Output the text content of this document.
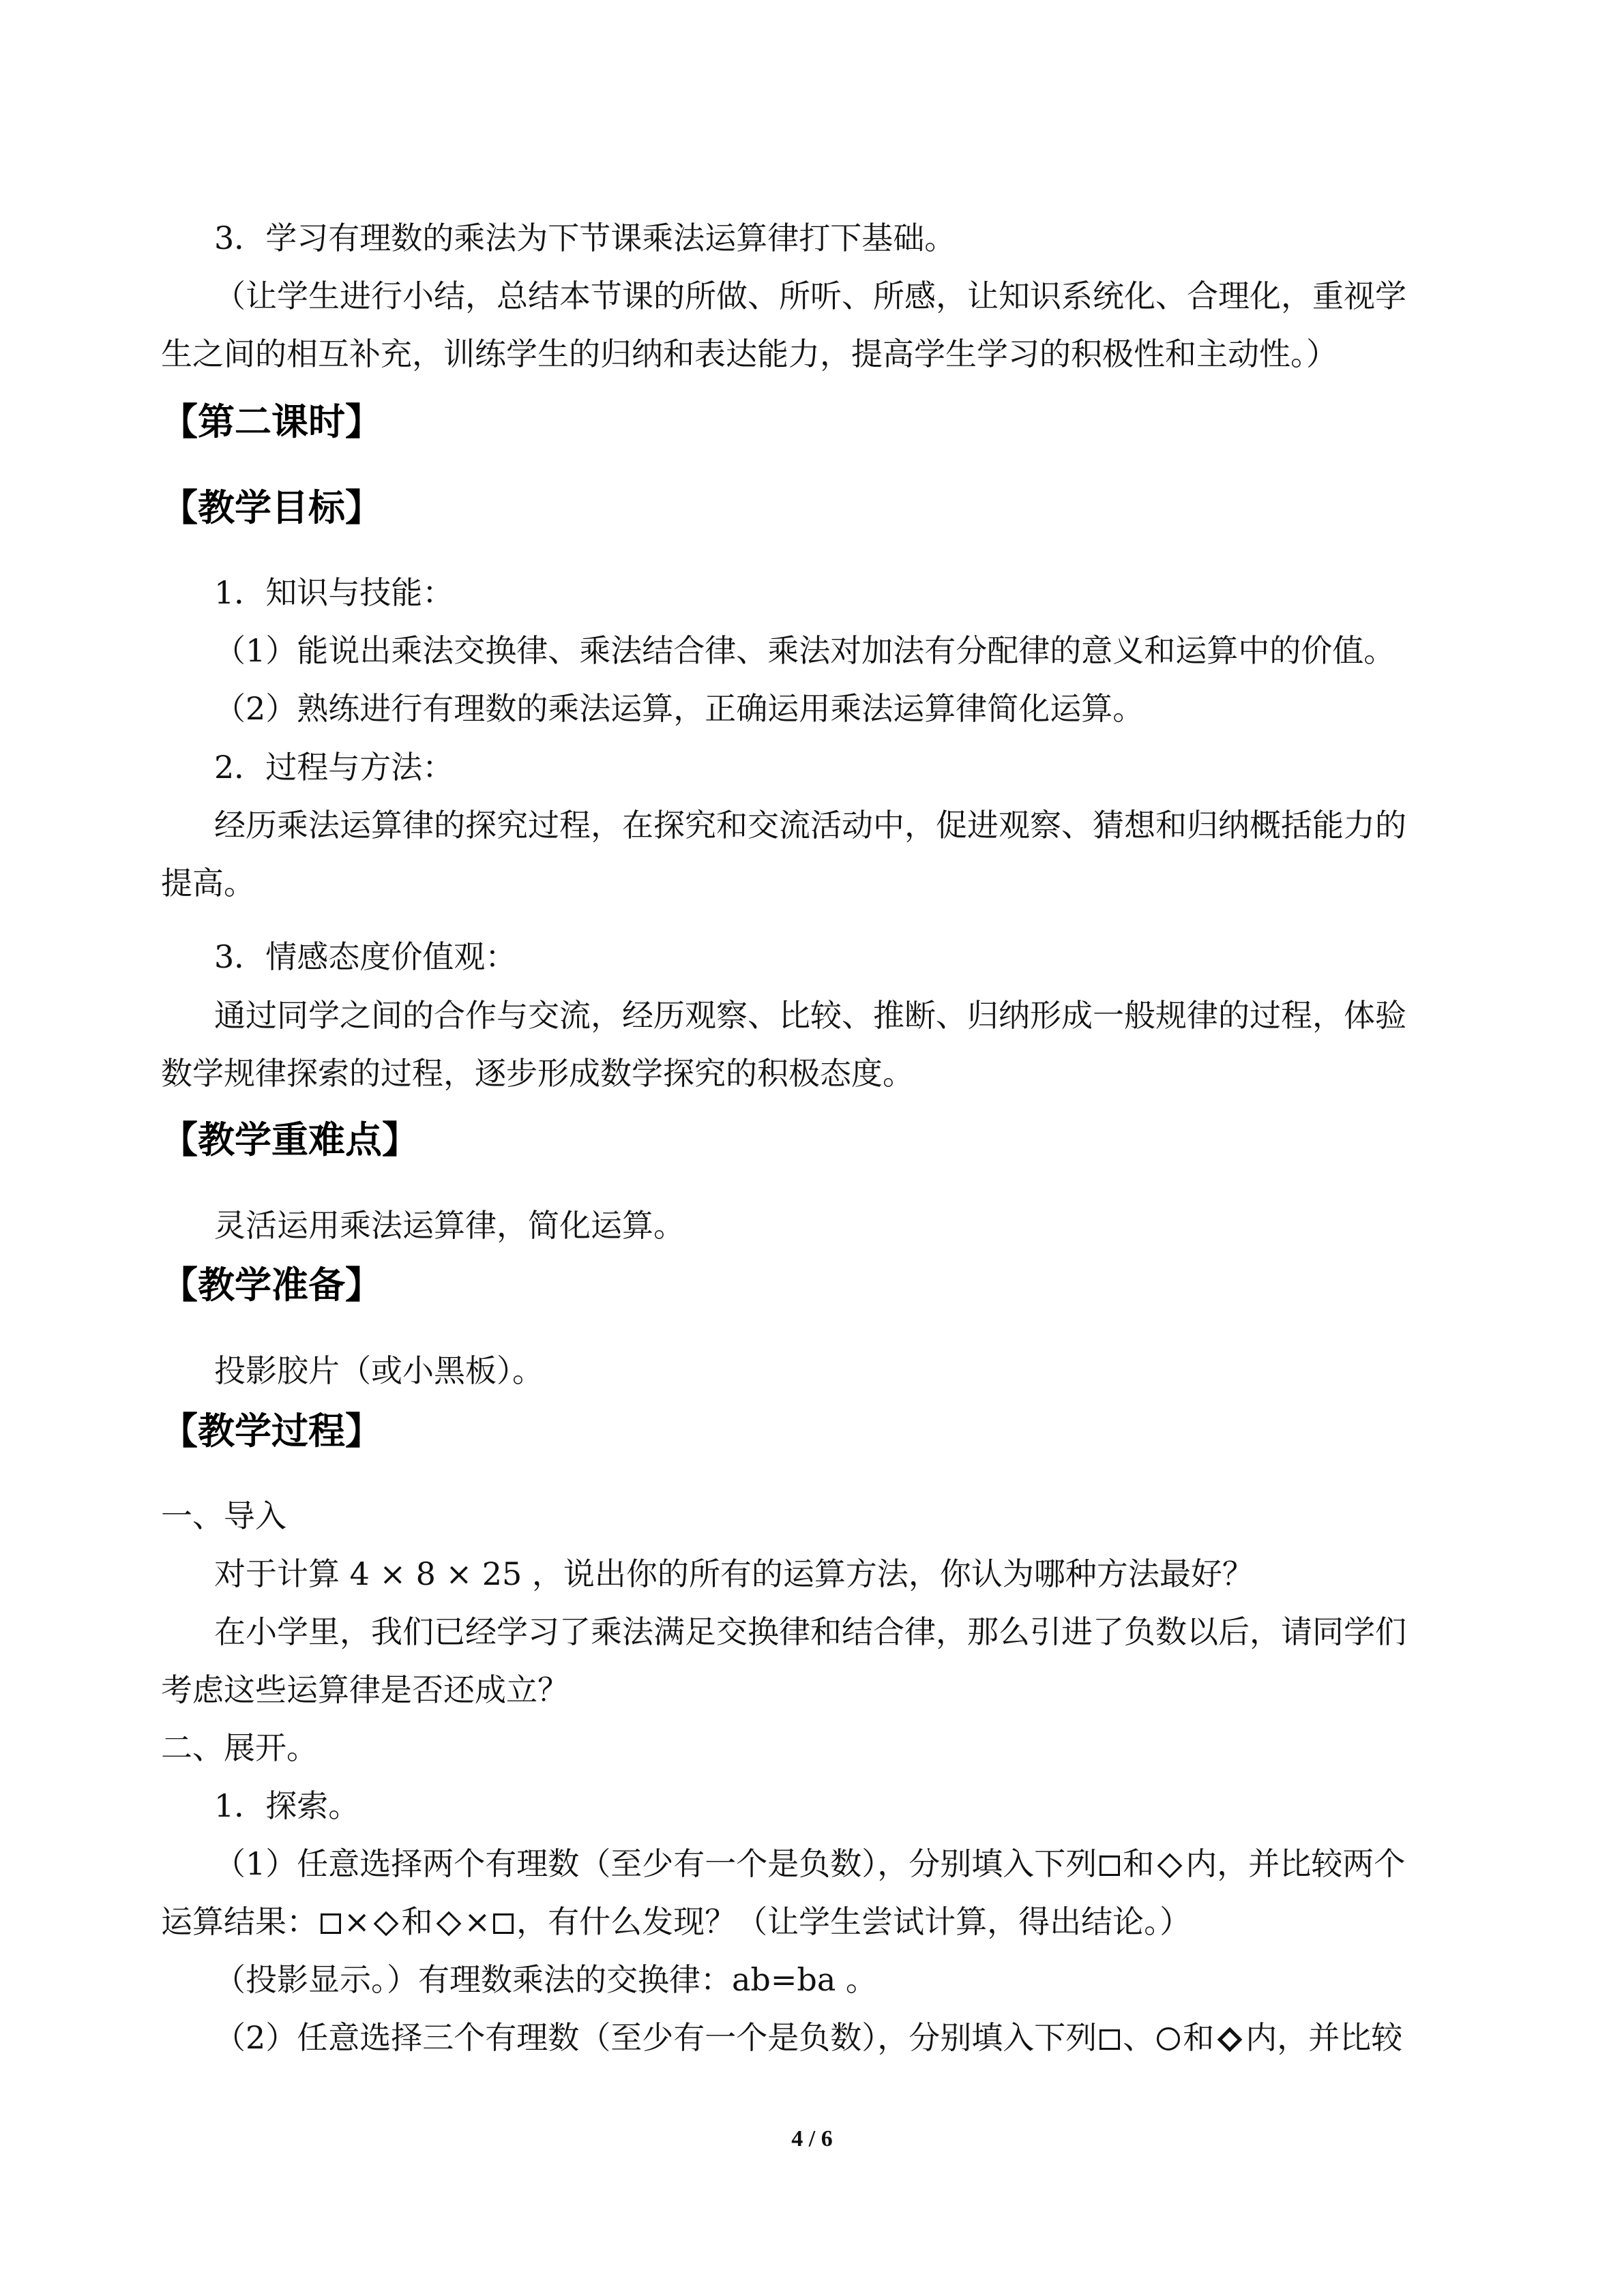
3．学习有理数的乘法为下节课乘法运算律打下基础。
（让学生进行小结，总结本节课的所做、所听、所感，让知识系统化、合理化，重视学
生之间的相互补充，训练学生的归纳和表达能力，提高学生学习的积极性和主动性。）
【第二课时】
【教学目标】
1．知识与技能：
（1）能说出乘法交换律、乘法结合律、乘法对加法有分配律的意义和运算中的价值。
（2）熟练进行有理数的乘法运算，正确运用乘法运算律简化运算。
2．过程与方法：
经历乘法运算律的探究过程，在探究和交流活动中，促进观察、猜想和归纳概括能力的
提高。
3．情感态度价值观：
通过同学之间的合作与交流，经历观察、比较、推断、归纳形成一般规律的过程，体验
数学规律探索的过程，逐步形成数学探究的积极态度。
【教学重难点】
灵活运用乘法运算律，简化运算。
【教学准备】
投影胶片（或小黑板）。
【教学过程】
一、导入
对于计算 4 × 8 × 25 ，说出你的所有的运算方法，你认为哪种方法最好？
在小学里，我们已经学习了乘法满足交换律和结合律，那么引进了负数以后，请同学们
考虑这些运算律是否还成立？
二、展开。
1．探索。
（1）任意选择两个有理数（至少有一个是负数），分别填入下列 和 内，并比较两个
运算结果： × 和 × ，有什么发现？（让学生尝试计算，得出结论。）
（投影显示。）有理数乘法的交换律：ab=ba 。
（2）任意选择三个有理数（至少有一个是负数），分别填入下列 、 和 内，并比较
4 / 6
